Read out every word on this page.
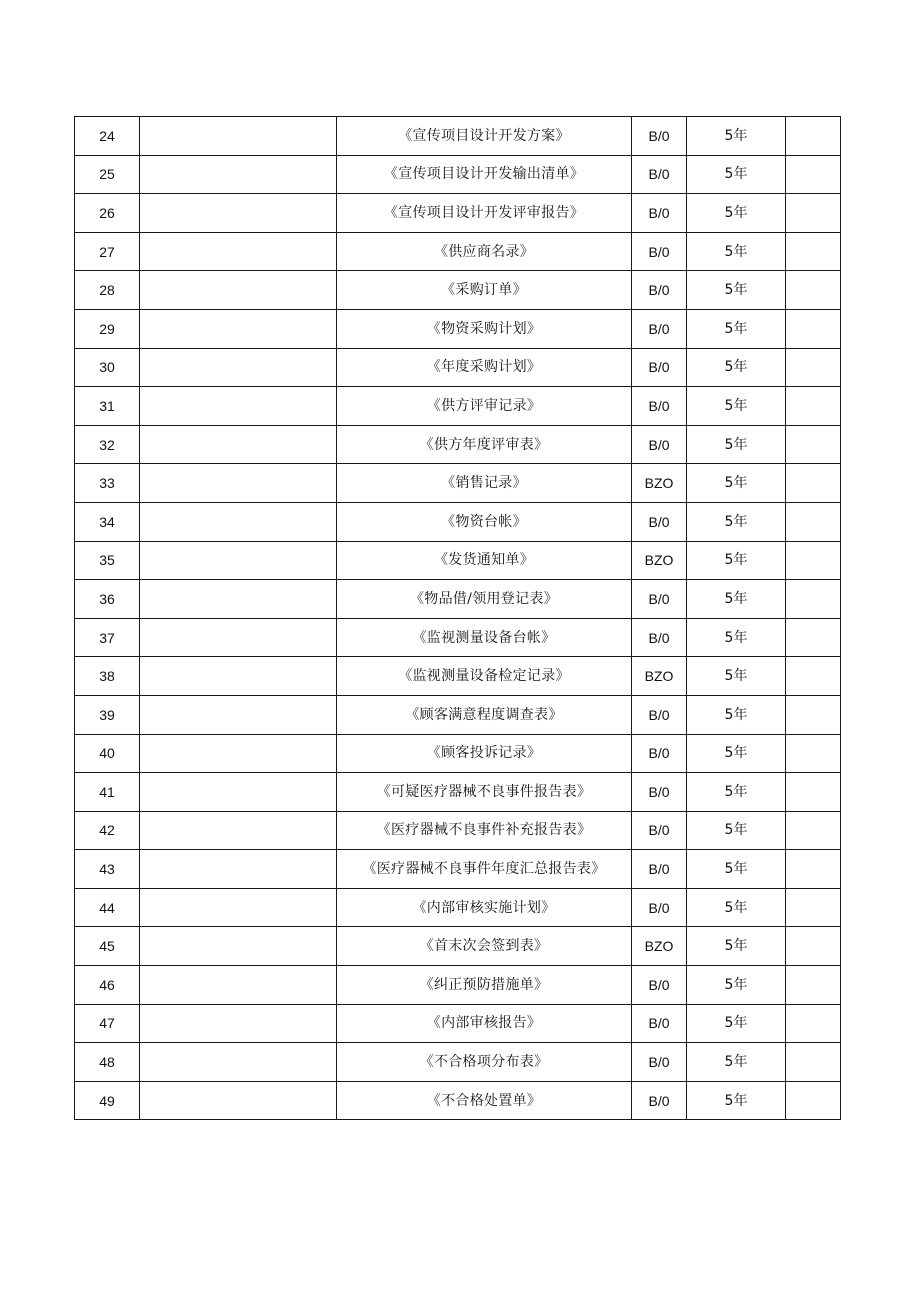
24		《宣传项目设计开发方案》	B/0	5年	
25		《宣传项目设计开发输出清单》	B/0	5年	
26		《宣传项目设计开发评审报告》	B/0	5年	
27		《供应商名录》	B/0	5年	
28		《采购订单》	B/0	5年	
29		《物资采购计划》	B/0	5年	
30		《年度采购计划》	B/0	5年	
31		《供方评审记录》	B/0	5年	
32		《供方年度评审表》	B/0	5年	
33		《销售记录》	BZO	5年	
34		《物资台帐》	B/0	5年	
35		《发货通知单》	BZO	5年	
36		《物品借/领用登记表》	B/0	5年	
37		《监视测量设备台帐》	B/0	5年	
38		《监视测量设备检定记录》	BZO	5年	
39		《顾客满意程度调查表》	B/0	5年	
40		《顾客投诉记录》	B/0	5年	
41		《可疑医疗器械不良事件报告表》	B/0	5年	
42		《医疗器械不良事件补充报告表》	B/0	5年	
43		《医疗器械不良事件年度汇总报告表》	B/0	5年	
44		《内部审核实施计划》	B/0	5年	
45		《首末次会签到表》	BZO	5年	
46		《纠正预防措施单》	B/0	5年	
47		《内部审核报告》	B/0	5年	
48		《不合格项分布表》	B/0	5年	
49		《不合格处置单》	B/0	5年	
